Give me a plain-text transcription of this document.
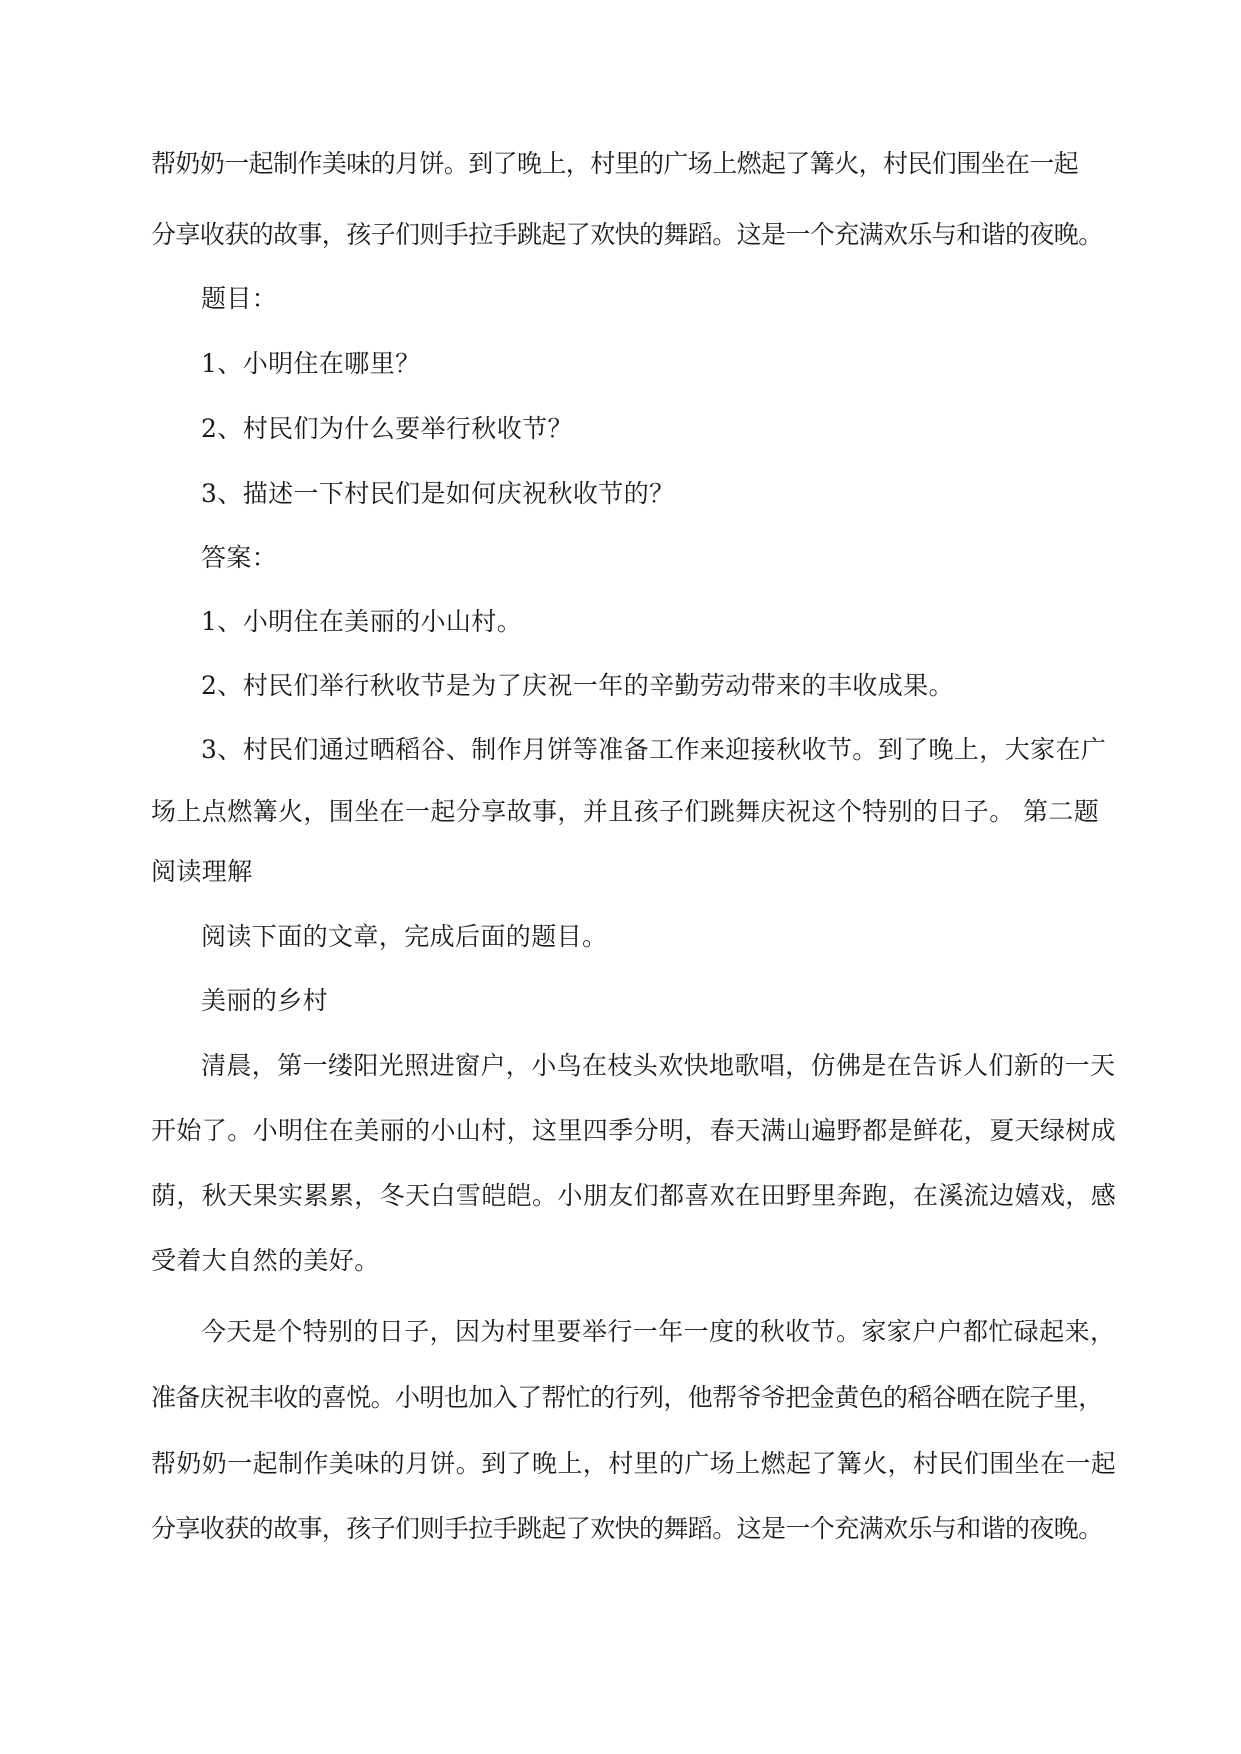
帮奶奶一起制作美味的月饼。到了晚上，村里的广场上燃起了篝火，村民们围坐在一起
分享收获的故事，孩子们则手拉手跳起了欢快的舞蹈。这是一个充满欢乐与和谐的夜晚。
题目：
1、小明住在哪里？
2、村民们为什么要举行秋收节？
3、描述一下村民们是如何庆祝秋收节的？
答案：
1、小明住在美丽的小山村。
2、村民们举行秋收节是为了庆祝一年的辛勤劳动带来的丰收成果。
3、村民们通过晒稻谷、制作月饼等准备工作来迎接秋收节。到了晚上，大家在广
场上点燃篝火，围坐在一起分享故事，并且孩子们跳舞庆祝这个特别的日子。 第二题
阅读理解
阅读下面的文章，完成后面的题目。
美丽的乡村
清晨，第一缕阳光照进窗户，小鸟在枝头欢快地歌唱，仿佛是在告诉人们新的一天
开始了。小明住在美丽的小山村，这里四季分明，春天满山遍野都是鲜花，夏天绿树成
荫，秋天果实累累，冬天白雪皑皑。小朋友们都喜欢在田野里奔跑，在溪流边嬉戏，感
受着大自然的美好。
今天是个特别的日子，因为村里要举行一年一度的秋收节。家家户户都忙碌起来，
准备庆祝丰收的喜悦。小明也加入了帮忙的行列，他帮爷爷把金黄色的稻谷晒在院子里，
帮奶奶一起制作美味的月饼。到了晚上，村里的广场上燃起了篝火，村民们围坐在一起
分享收获的故事，孩子们则手拉手跳起了欢快的舞蹈。这是一个充满欢乐与和谐的夜晚。
